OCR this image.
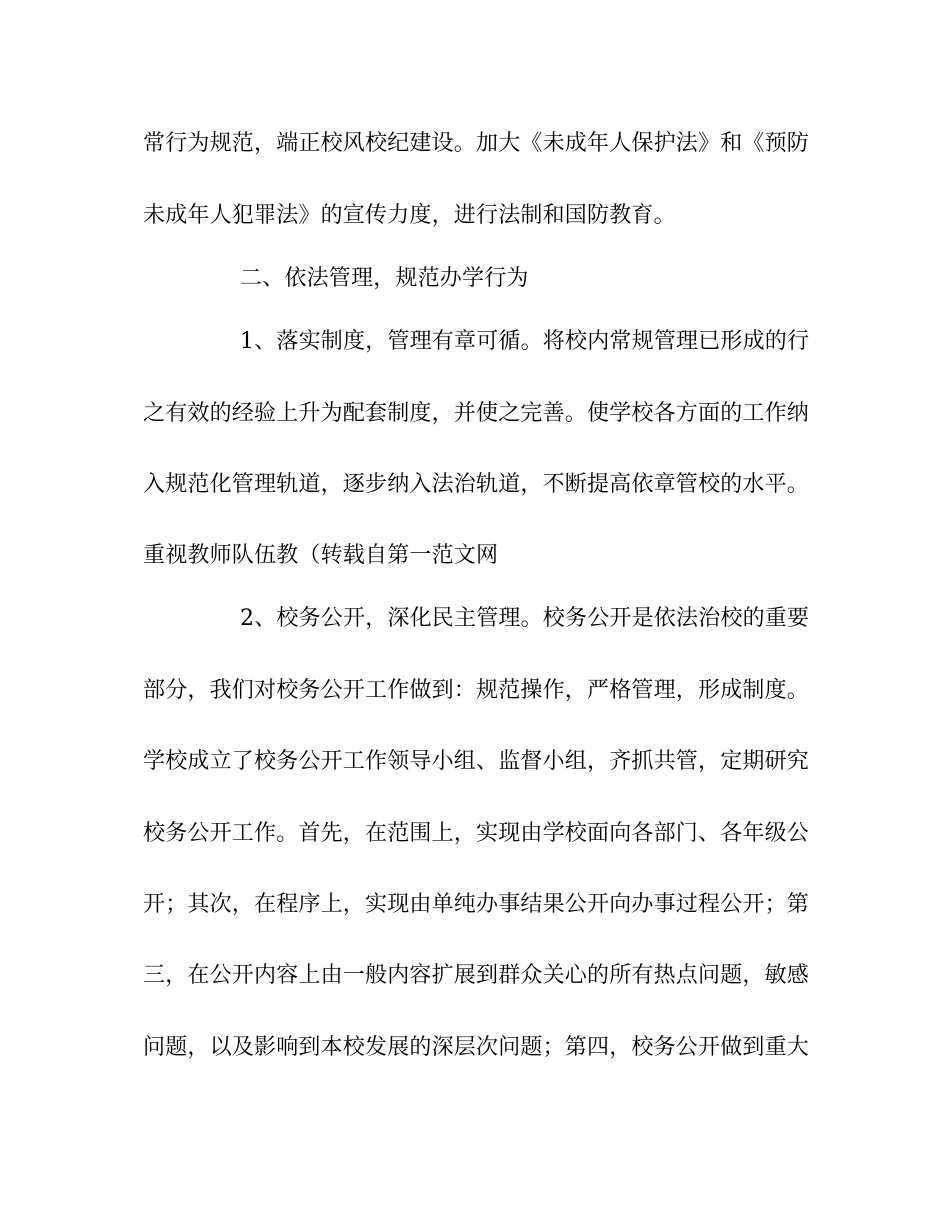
常行为规范，端正校风校纪建设。加大《未成年人保护法》和《预防
未成年人犯罪法》的宣传力度，进行法制和国防教育。
二、依法管理，规范办学行为
1、落实制度，管理有章可循。将校内常规管理已形成的行
之有效的经验上升为配套制度，并使之完善。使学校各方面的工作纳
入规范化管理轨道，逐步纳入法治轨道，不断提高依章管校的水平。
重视教师队伍教（转载自第一范文网
2、校务公开，深化民主管理。校务公开是依法治校的重要
部分，我们对校务公开工作做到：规范操作，严格管理，形成制度。
学校成立了校务公开工作领导小组、监督小组，齐抓共管，定期研究
校务公开工作。首先，在范围上，实现由学校面向各部门、各年级公
开；其次，在程序上，实现由单纯办事结果公开向办事过程公开；第
三，在公开内容上由一般内容扩展到群众关心的所有热点问题，敏感
问题，以及影响到本校发展的深层次问题；第四，校务公开做到重大
